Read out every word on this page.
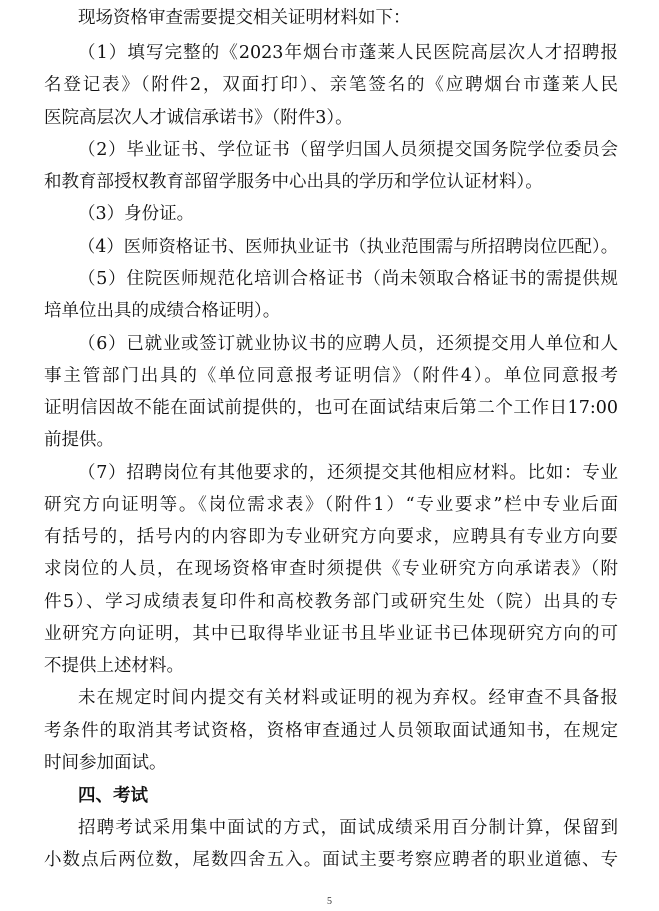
现场资格审查需要提交相关证明材料如下：
（1）填写完整的《2023年烟台市蓬莱人民医院高层次人才招聘报
名登记表》（附件2，双面打印）、亲笔签名的《应聘烟台市蓬莱人民
医院高层次人才诚信承诺书》（附件3）。
（2）毕业证书、学位证书（留学归国人员须提交国务院学位委员会
和教育部授权教育部留学服务中心出具的学历和学位认证材料）。
（3）身份证。
（4）医师资格证书、医师执业证书（执业范围需与所招聘岗位匹配）。
（5）住院医师规范化培训合格证书（尚未领取合格证书的需提供规
培单位出具的成绩合格证明）。
（6）已就业或签订就业协议书的应聘人员，还须提交用人单位和人
事主管部门出具的《单位同意报考证明信》（附件4）。单位同意报考
证明信因故不能在面试前提供的，也可在面试结束后第二个工作日17:00
前提供。
（7）招聘岗位有其他要求的，还须提交其他相应材料。比如：专业
研究方向证明等。《岗位需求表》（附件1）“专业要求”栏中专业后面
有括号的，括号内的内容即为专业研究方向要求，应聘具有专业方向要
求岗位的人员，在现场资格审查时须提供《专业研究方向承诺表》（附
件5）、学习成绩表复印件和高校教务部门或研究生处（院）出具的专
业研究方向证明，其中已取得毕业证书且毕业证书已体现研究方向的可
不提供上述材料。
未在规定时间内提交有关材料或证明的视为弃权。经审查不具备报
考条件的取消其考试资格，资格审查通过人员领取面试通知书，在规定
时间参加面试。
四、考试
招聘考试采用集中面试的方式，面试成绩采用百分制计算，保留到
小数点后两位数，尾数四舍五入。面试主要考察应聘者的职业道德、专
5
